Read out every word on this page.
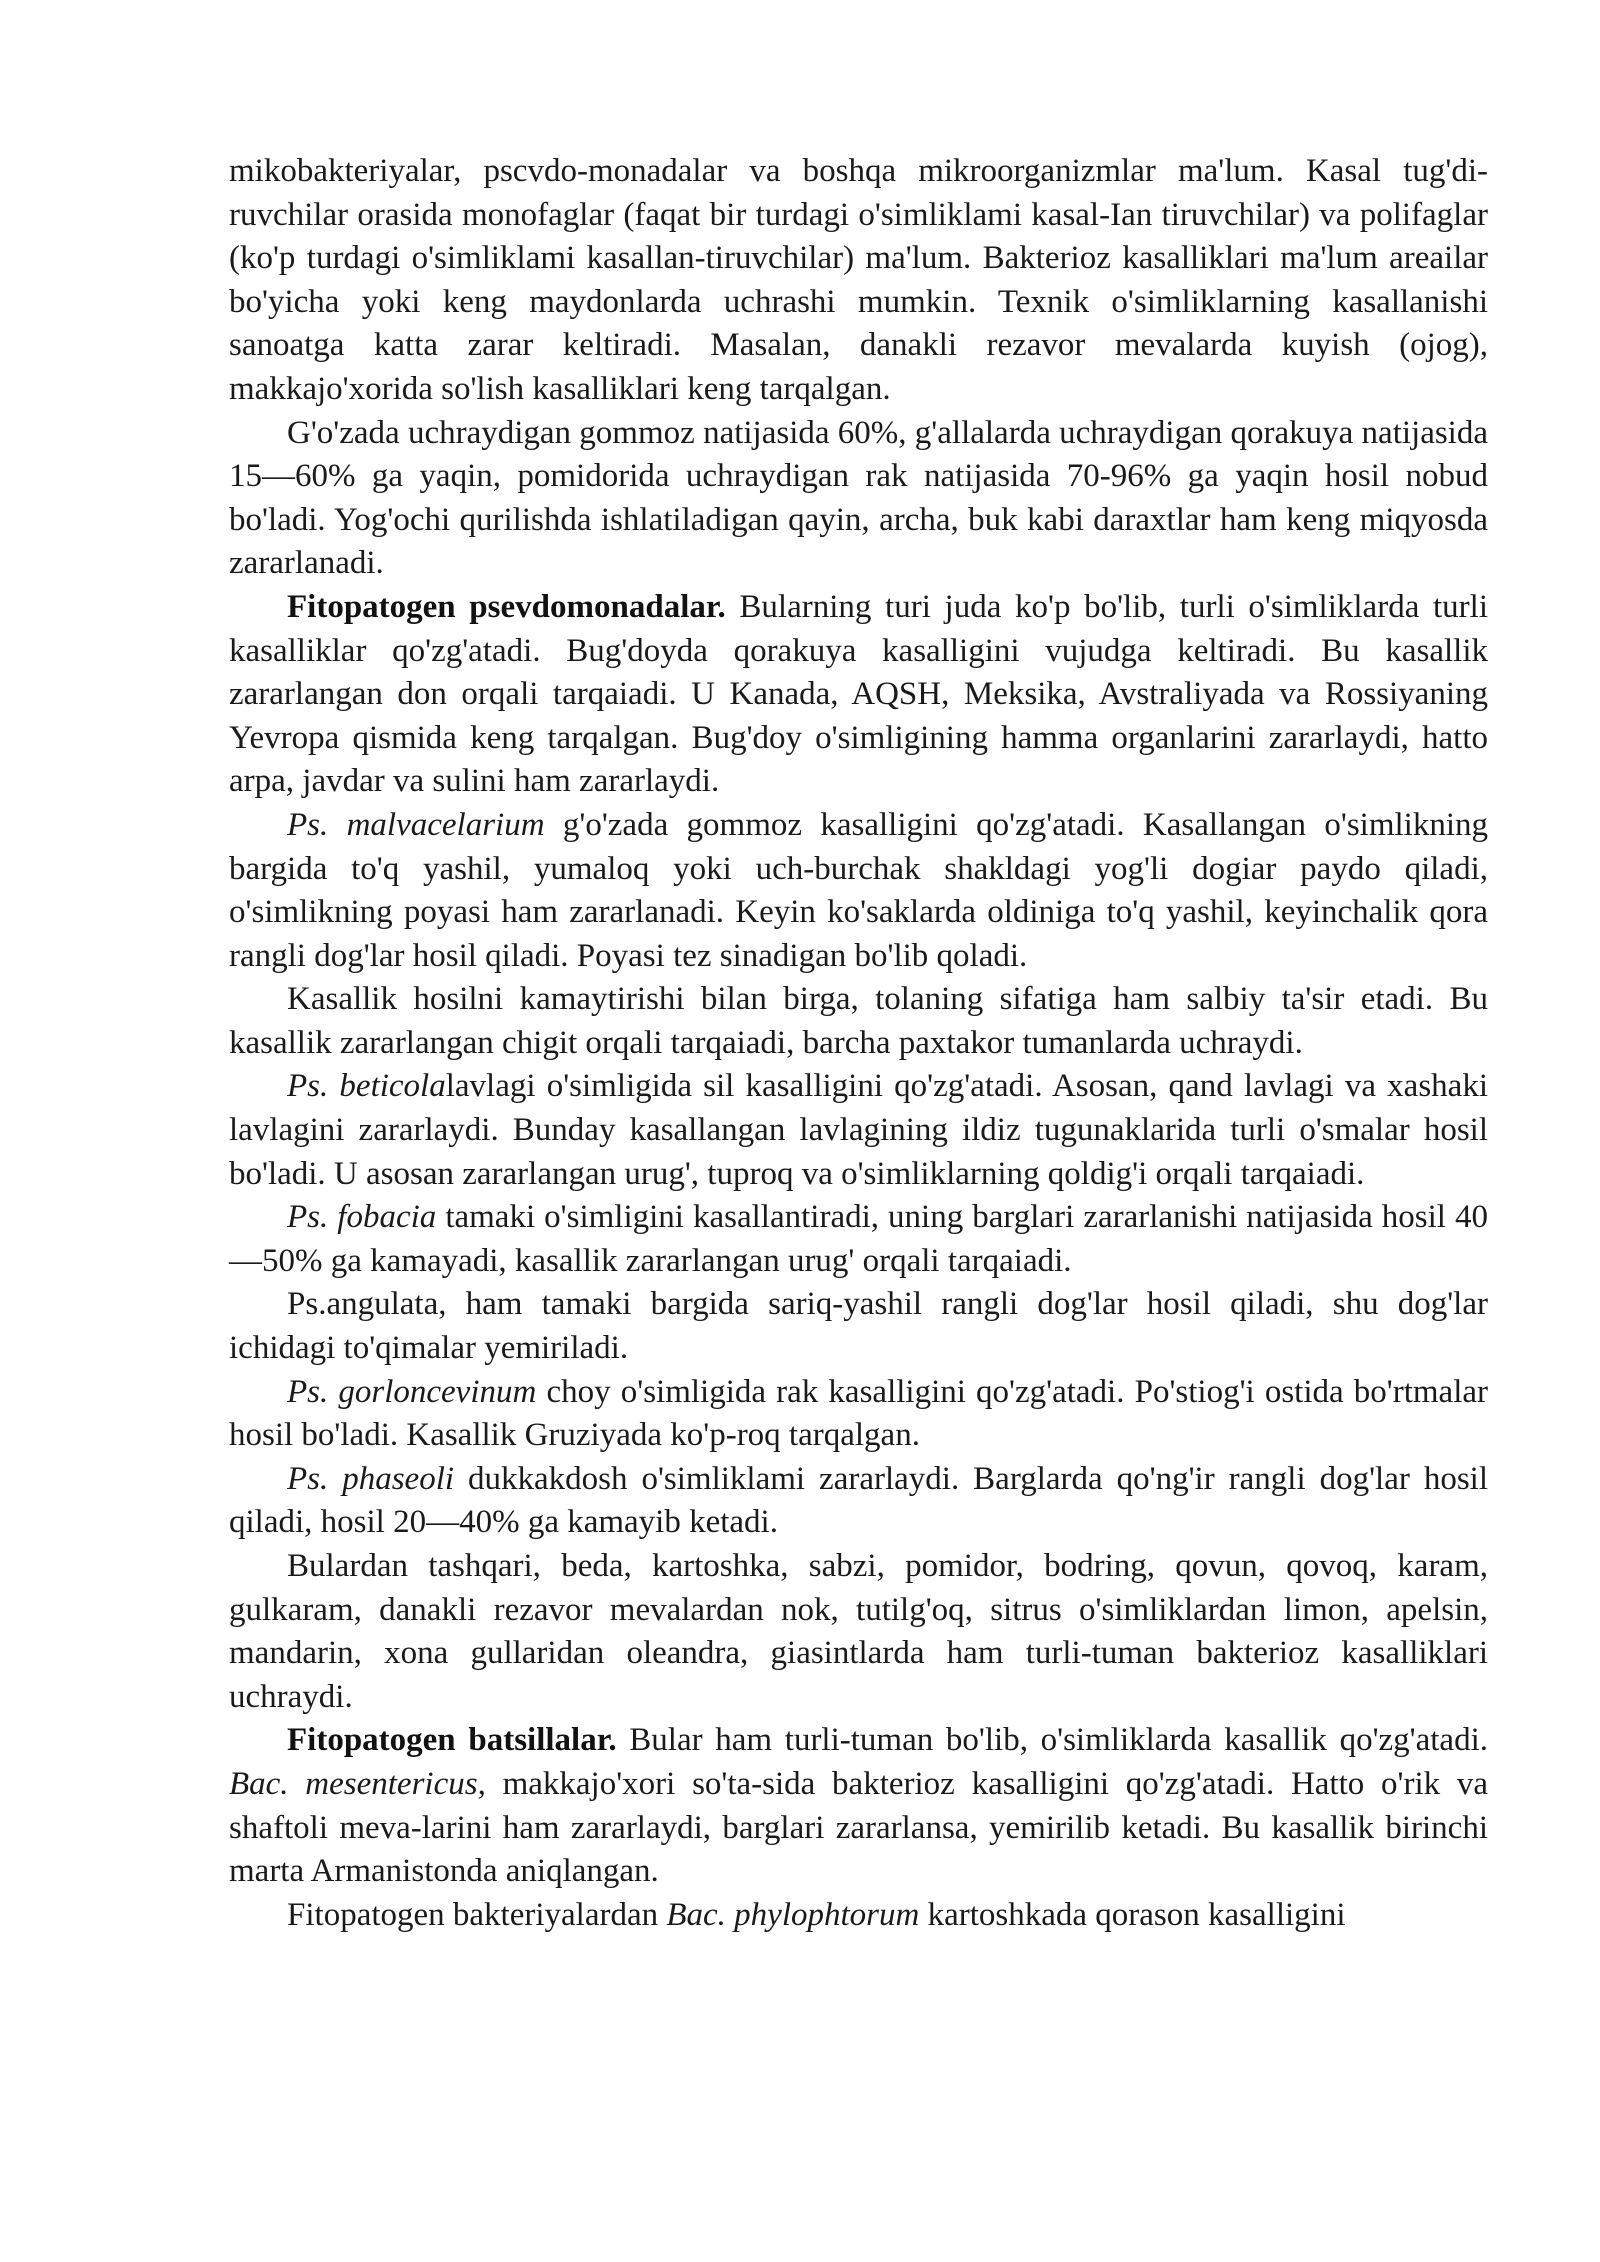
mikobakteriyalar, pscvdo-monadalar va boshqa mikroorganizmlar ma'lum. Kasal tug'di-ruvchilar orasida monofaglar (faqat bir turdagi o'simliklami kasal-Ian tiruvchilar) va polifaglar (ko'p turdagi o'simliklami kasallan-tiruvchilar) ma'lum. Bakterioz kasalliklari ma'lum areailar bo'yicha yoki keng maydonlarda uchrashi mumkin. Texnik o'simliklarning kasallanishi sanoatga katta zarar keltiradi. Masalan, danakli rezavor mevalarda kuyish (ojog), makkajo'xorida so'lish kasalliklari keng tarqalgan.

G'o'zada uchraydigan gommoz natijasida 60%, g'allalarda uchraydigan qorakuya natijasida 15—60% ga yaqin, pomidorida uchraydigan rak natijasida 70-96% ga yaqin hosil nobud bo'ladi. Yog'ochi qurilishda ishlatiladigan qayin, archa, buk kabi daraxtlar ham keng miqyosda zararlanadi.

Fitopatogen psevdomonadalar. Bularning turi juda ko'p bo'lib, turli o'simliklarda turli kasalliklar qo'zg'atadi. Bug'doyda qorakuya kasalligini vujudga keltiradi. Bu kasallik zararlangan don orqali tarqaiadi. U Kanada, AQSH, Meksika, Avstraliyada va Rossiyaning Yevropa qismida keng tarqalgan. Bug'doy o'simligining hamma organlarini zararlaydi, hatto arpa, javdar va sulini ham zararlaydi.

Ps. malvacelarium g'o'zada gommoz kasalligini qo'zg'atadi. Kasallangan o'simlikning bargida to'q yashil, yumaloq yoki uch-burchak shakldagi yog'li dogiar paydo qiladi, o'simlikning poyasi ham zararlanadi. Keyin ko'saklarda oldiniga to'q yashil, keyinchalik qora rangli dog'lar hosil qiladi. Poyasi tez sinadigan bo'lib qoladi.

Kasallik hosilni kamaytirishi bilan birga, tolaning sifatiga ham salbiy ta'sir etadi. Bu kasallik zararlangan chigit orqali tarqaiadi, barcha paxtakor tumanlarda uchraydi.

Ps. beticolalavlagi o'simligida sil kasalligini qo'zg'atadi. Asosan, qand lavlagi va xashaki lavlagini zararlaydi. Bunday kasallangan lavlagining ildiz tugunaklarida turli o'smalar hosil bo'ladi. U asosan zararlangan urug', tuproq va o'simliklarning qoldig'i orqali tarqaiadi.

Ps. fobacia tamaki o'simligini kasallantiradi, uning barglari zararlanishi natijasida hosil 40—50% ga kamayadi, kasallik zararlangan urug' orqali tarqaiadi.

Ps.angulata, ham tamaki bargida sariq-yashil rangli dog'lar hosil qiladi, shu dog'lar ichidagi to'qimalar yemiriladi.

Ps. gorloncevinum choy o'simligida rak kasalligini qo'zg'atadi. Po'stiog'i ostida bo'rtmalar hosil bo'ladi. Kasallik Gruziyada ko'p-roq tarqalgan.

Ps. phaseoli dukkakdosh o'simliklami zararlaydi. Barglarda qo'ng'ir rangli dog'lar hosil qiladi, hosil 20—40% ga kamayib ketadi.

Bulardan tashqari, beda, kartoshka, sabzi, pomidor, bodring, qovun, qovoq, karam, gulkaram, danakli rezavor mevalardan nok, tutilg'oq, sitrus o'simliklardan limon, apelsin, mandarin, xona gullaridan oleandra, giasintlarda ham turli-tuman bakterioz kasalliklari uchraydi.

Fitopatogen batsillalar. Bular ham turli-tuman bo'lib, o'simliklarda kasallik qo'zg'atadi. Bac. mesentericus, makkajo'xori so'ta-sida bakterioz kasalligini qo'zg'atadi. Hatto o'rik va shaftoli meva-larini ham zararlaydi, barglari zararlansa, yemirilib ketadi. Bu kasallik birinchi marta Armanistonda aniqlangan.

Fitopatogen bakteriyalardan Bac. phylophtorum kartoshkada qorason kasalligini
